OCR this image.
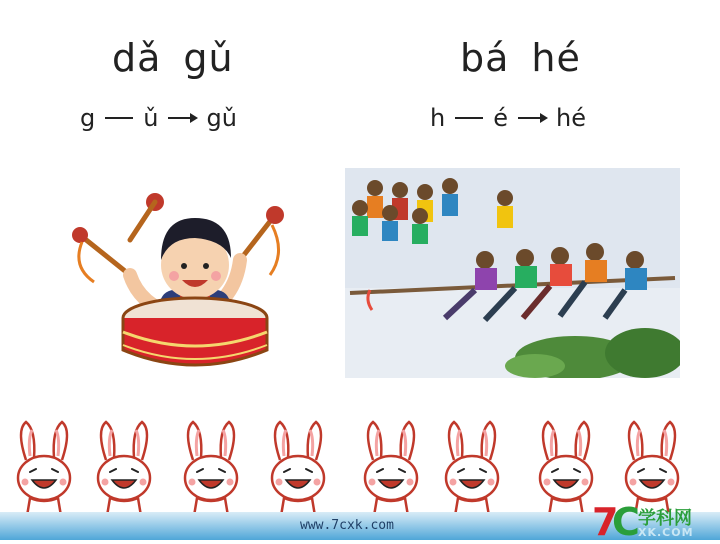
dǎ gǔ	bá hé
g ǔ gǔ	h é hé
www.7cxk.com	7
C
学科网
XK.COM
